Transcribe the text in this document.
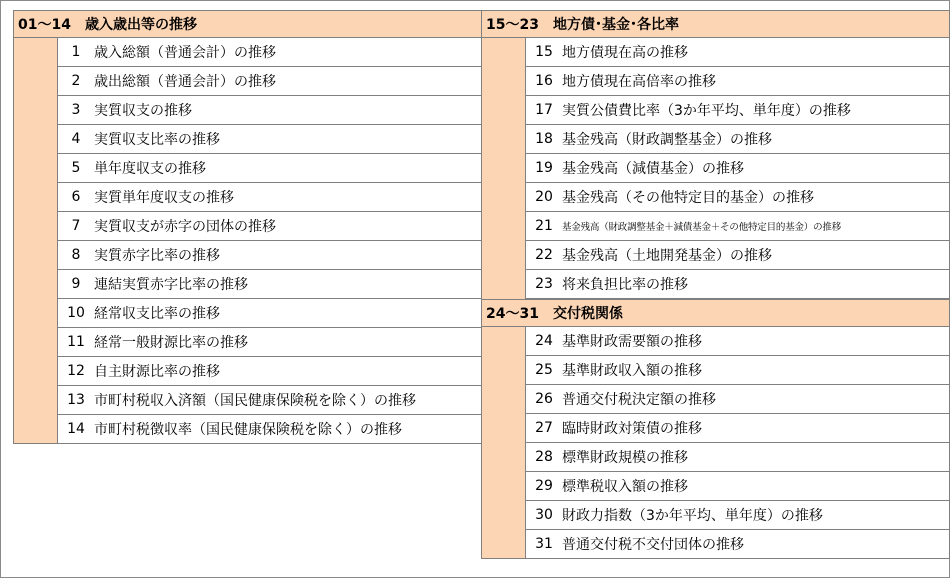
01～14 歳入歳出等の推移
1 歳入総額（普通会計）の推移
2 歳出総額（普通会計）の推移
3 実質収支の推移
4 実質収支比率の推移
5 単年度収支の推移
6 実質単年度収支の推移
7 実質収支が赤字の団体の推移
8 実質赤字比率の推移
9 連結実質赤字比率の推移
10 経常収支比率の推移
11 経常一般財源比率の推移
12 自主財源比率の推移
13 市町村税収入済額（国民健康保険税を除く）の推移
14 市町村税徴収率（国民健康保険税を除く）の推移
15～23 地方債･基金･各比率
15 地方債現在高の推移
16 地方債現在高倍率の推移
17 実質公債費比率（3か年平均、単年度）の推移
18 基金残高（財政調整基金）の推移
19 基金残高（減債基金）の推移
20 基金残高（その他特定目的基金）の推移
21 基金残高（財政調整基金＋減債基金＋その他特定目的基金）の推移
22 基金残高（土地開発基金）の推移
23 将来負担比率の推移
24～31 交付税関係
24 基準財政需要額の推移
25 基準財政収入額の推移
26 普通交付税決定額の推移
27 臨時財政対策債の推移
28 標準財政規模の推移
29 標準税収入額の推移
30 財政力指数（3か年平均、単年度）の推移
31 普通交付税不交付団体の推移
